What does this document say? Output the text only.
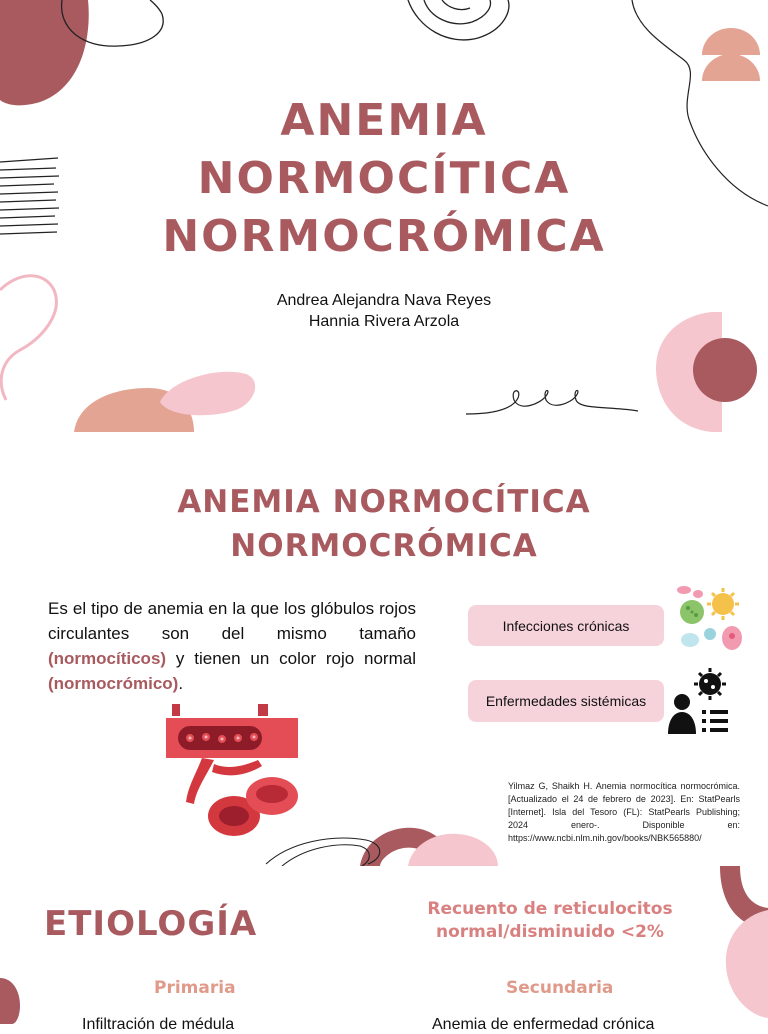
ANEMIA
NORMOCÍTICA
NORMOCRÓMICA
Andrea Alejandra Nava Reyes
Hannia Rivera Arzola
ANEMIA NORMOCÍTICA
NORMOCRÓMICA

Es el tipo de anemia en la que los glóbulos rojos circulantes son del mismo tamaño (normocíticos) y tienen un color rojo normal (normocrómico).

Infecciones crónicas
Enfermedades sistémicas

Yilmaz G, Shaikh H. Anemia normocítica normocrómica. [Actualizado el 24 de febrero de 2023]. En: StatPearls [Internet]. Isla del Tesoro (FL): StatPearls Publishing; 2024 enero-. Disponible en: https://www.ncbi.nlm.nih.gov/books/NBK565880/

ETIOLOGÍA	Recuento de reticulocitos
normal/disminuido <2%
Primaria	Secundaria
Infiltración de médula	Anemia de enfermedad crónica
